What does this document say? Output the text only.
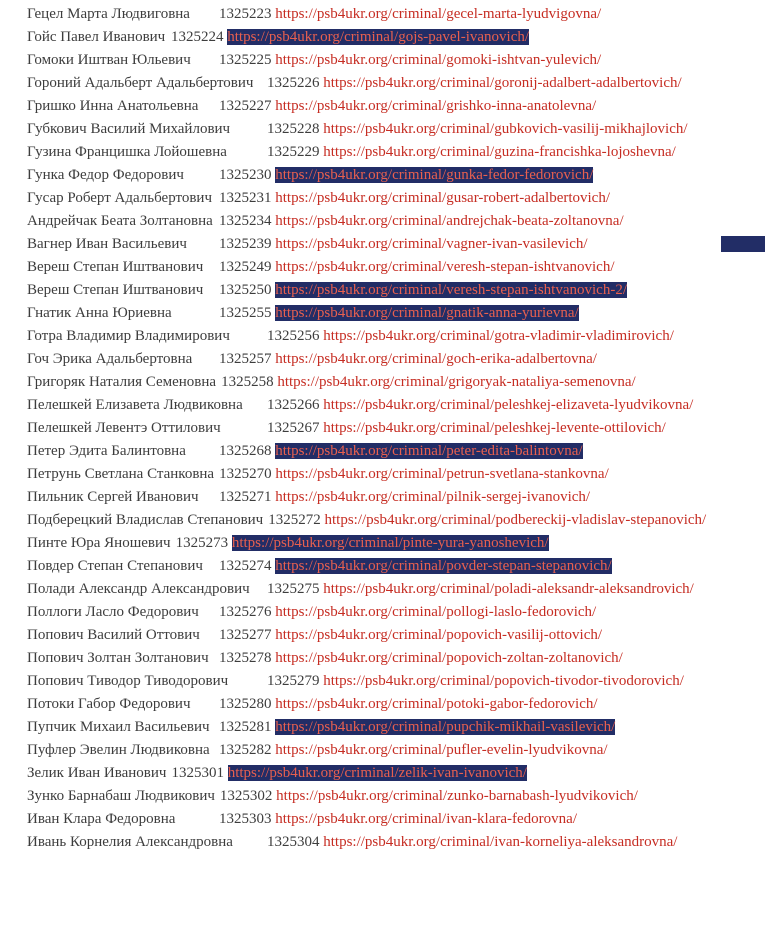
Гецел Марта Людвиговна 1325223 https://psb4ukr.org/criminal/gecel-marta-lyudvigovna/

Гойс Павел Иванович 1325224 https://psb4ukr.org/criminal/gojs-pavel-ivanovich/

Гомоки Иштван Юльевич 1325225 https://psb4ukr.org/criminal/gomoki-ishtvan-yulevich/

Гороний Адальберт Адальбертович 1325226 https://psb4ukr.org/criminal/goronij-adalbert-adalbertovich/

Гришко Инна Анатольевна 1325227 https://psb4ukr.org/criminal/grishko-inna-anatolevna/

Губкович Василий Михайлович 1325228 https://psb4ukr.org/criminal/gubkovich-vasilij-mikhajlovich/

Гузина Францишка Лойошевна	1325229 https://psb4ukr.org/criminal/guzina-francishka-lojoshevna/

Гунка Федор Федорович 1325230 https://psb4ukr.org/criminal/gunka-fedor-fedorovich/

Гусар Роберт Адальбертович 1325231 https://psb4ukr.org/criminal/gusar-robert-adalbertovich/

Андрейчак Беата Золтановна 1325234 https://psb4ukr.org/criminal/andrejchak-beata-zoltanovna/

Вагнер Иван Васильевич 1325239 https://psb4ukr.org/criminal/vagner-ivan-vasilevich/

Вереш Степан Иштванович 1325249 https://psb4ukr.org/criminal/veresh-stepan-ishtvanovich/

Вереш Степан Иштванович 1325250 https://psb4ukr.org/criminal/veresh-stepan-ishtvanovich-2/

Гнатик Анна Юриевна	1325255 https://psb4ukr.org/criminal/gnatik-anna-yurievna/

Готра Владимир Владимирович 1325256 https://psb4ukr.org/criminal/gotra-vladimir-vladimirovich/

Гоч Эрика Адальбертовна 1325257 https://psb4ukr.org/criminal/goch-erika-adalbertovna/

Григоряк Наталия Семеновна 1325258 https://psb4ukr.org/criminal/grigoryak-nataliya-semenovna/

Пелешкей Елизавета Людвиковна 1325266 https://psb4ukr.org/criminal/peleshkej-elizaveta-lyudvikovna/

Пелешкей Левентэ Оттилович	1325267 https://psb4ukr.org/criminal/peleshkej-levente-ottilovich/

Петер Эдита Балинтовна 1325268 https://psb4ukr.org/criminal/peter-edita-balintovna/

Петрунь Светлана Станковна 1325270 https://psb4ukr.org/criminal/petrun-svetlana-stankovna/

Пильник Сергей Иванович 1325271 https://psb4ukr.org/criminal/pilnik-sergej-ivanovich/

Подберецкий Владислав Степанович 1325272 https://psb4ukr.org/criminal/podbereckij-vladislav-stepanovich/

Пинте Юра Яношевич 1325273 https://psb4ukr.org/criminal/pinte-yura-yanoshevich/

Повдер Степан Степанович 1325274 https://psb4ukr.org/criminal/povder-stepan-stepanovich/

Полади Александр Александрович 1325275 https://psb4ukr.org/criminal/poladi-aleksandr-aleksandrovich/

Поллоги Ласло Федорович 1325276 https://psb4ukr.org/criminal/pollogi-laslo-fedorovich/

Попович Василий Оттович 1325277 https://psb4ukr.org/criminal/popovich-vasilij-ottovich/

Попович Золтан Золтанович 1325278 https://psb4ukr.org/criminal/popovich-zoltan-zoltanovich/

Попович Тиводор Тиводорович	1325279 https://psb4ukr.org/criminal/popovich-tivodor-tivodorovich/

Потоки Габор Федорович 1325280 https://psb4ukr.org/criminal/potoki-gabor-fedorovich/

Пупчик Михаил Васильевич 1325281 https://psb4ukr.org/criminal/pupchik-mikhail-vasilevich/

Пуфлер Эвелин Людвиковна 1325282 https://psb4ukr.org/criminal/pufler-evelin-lyudvikovna/

Зелик Иван Иванович 1325301 https://psb4ukr.org/criminal/zelik-ivan-ivanovich/

Зунко Барнабаш Людвикович 1325302 https://psb4ukr.org/criminal/zunko-barnabash-lyudvikovich/

Иван Клара Федоровна	1325303 https://psb4ukr.org/criminal/ivan-klara-fedorovna/

Ивань Корнелия Александровна 1325304 https://psb4ukr.org/criminal/ivan-korneliya-aleksandrovna/
